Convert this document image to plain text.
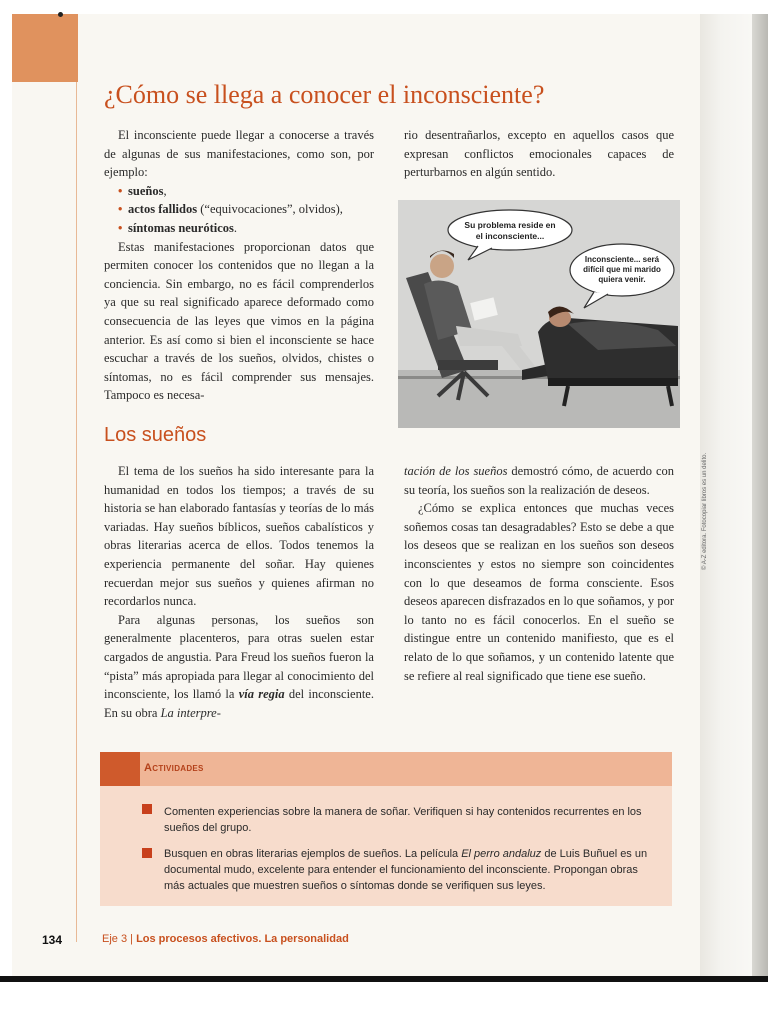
¿Cómo se llega a conocer el inconsciente?

El inconsciente puede llegar a conocerse a través de algunas de sus manifestaciones, como son, por ejemplo:

• sueños,
• actos fallidos (“equivocaciones”, olvidos),
• síntomas neuróticos.

Estas manifestaciones proporcionan datos que permiten conocer los contenidos que no llegan a la conciencia. Sin embargo, no es fácil comprenderlos ya que su real significado aparece deformado como consecuencia de las leyes que vimos en la página anterior. Es así como si bien el inconsciente se hace escuchar a través de los sueños, olvidos, chistes o síntomas, no es fácil comprender sus mensajes. Tampoco es necesa-

rio desentrañarlos, excepto en aquellos casos que expresan conflictos emocionales capaces de perturbarnos en algún sentido.

Su problema reside en
el inconsciente...
Inconsciente... será
difícil que mi marido
quiera venir.
Los sueños

El tema de los sueños ha sido interesante para la humanidad en todos los tiempos; a través de su historia se han elaborado fantasías y teorías de lo más variadas. Hay sueños bíblicos, sueños cabalísticos y obras literarias acerca de ellos. Todos tenemos la experiencia permanente del soñar. Hay quienes recuerdan mejor sus sueños y quienes afirman no recordarlos nunca.

Para algunas personas, los sueños son generalmente placenteros, para otras suelen estar cargados de angustia. Para Freud los sueños fueron la “pista” más apropiada para llegar al conocimiento del inconsciente, los llamó la vía regia del inconsciente. En su obra La interpre-

tación de los sueños demostró cómo, de acuerdo con su teoría, los sueños son la realización de deseos.

¿Cómo se explica entonces que muchas veces soñemos cosas tan desagradables? Esto se debe a que los deseos que se realizan en los sueños son deseos inconscientes y estos no siempre son coincidentes con lo que deseamos de forma consciente. Esos deseos aparecen disfrazados en lo que soñamos, y por lo tanto no es fácil conocerlos. En el sueño se distingue entre un contenido manifiesto, que es el relato de lo que soñamos, y un contenido latente que se refiere al real significado que tiene ese sueño.

Actividades
Comenten experiencias sobre la manera de soñar. Verifiquen si hay contenidos recurrentes en los sueños del grupo.
Busquen en obras literarias ejemplos de sueños. La película El perro andaluz de Luis Buñuel es un documental mudo, excelente para entender el funcionamiento del inconsciente. Propongan obras más actuales que muestren sueños o síntomas donde se verifiquen sus leyes.
134	Eje 3 | Los procesos afectivos. La personalidad
© A-Z editora. Fotocopiar libros es un delito.
